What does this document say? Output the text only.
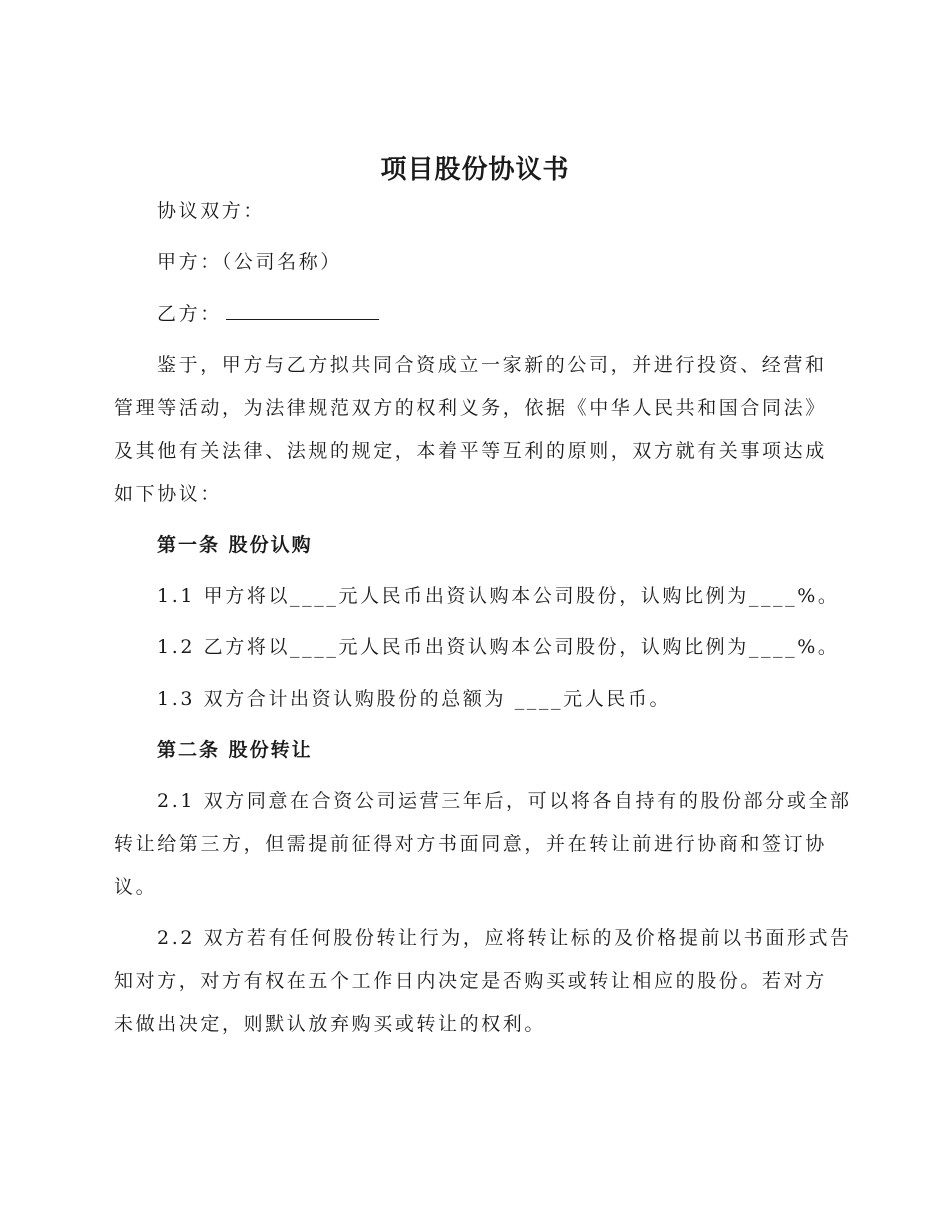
项目股份协议书
协议双方：
甲方：（公司名称）
乙方：
鉴于，甲方与乙方拟共同合资成立一家新的公司，并进行投资、经营和
管理等活动，为法律规范双方的权利义务，依据《中华人民共和国合同法》
及其他有关法律、法规的规定，本着平等互利的原则，双方就有关事项达成
如下协议：
第一条 股份认购
1.1 甲方将以____元人民币出资认购本公司股份，认购比例为____%。
1.2 乙方将以____元人民币出资认购本公司股份，认购比例为____%。
1.3 双方合计出资认购股份的总额为 ____元人民币。
第二条 股份转让
2.1 双方同意在合资公司运营三年后，可以将各自持有的股份部分或全部
转让给第三方，但需提前征得对方书面同意，并在转让前进行协商和签订协
议。
2.2 双方若有任何股份转让行为，应将转让标的及价格提前以书面形式告
知对方，对方有权在五个工作日内决定是否购买或转让相应的股份。若对方
未做出决定，则默认放弃购买或转让的权利。
